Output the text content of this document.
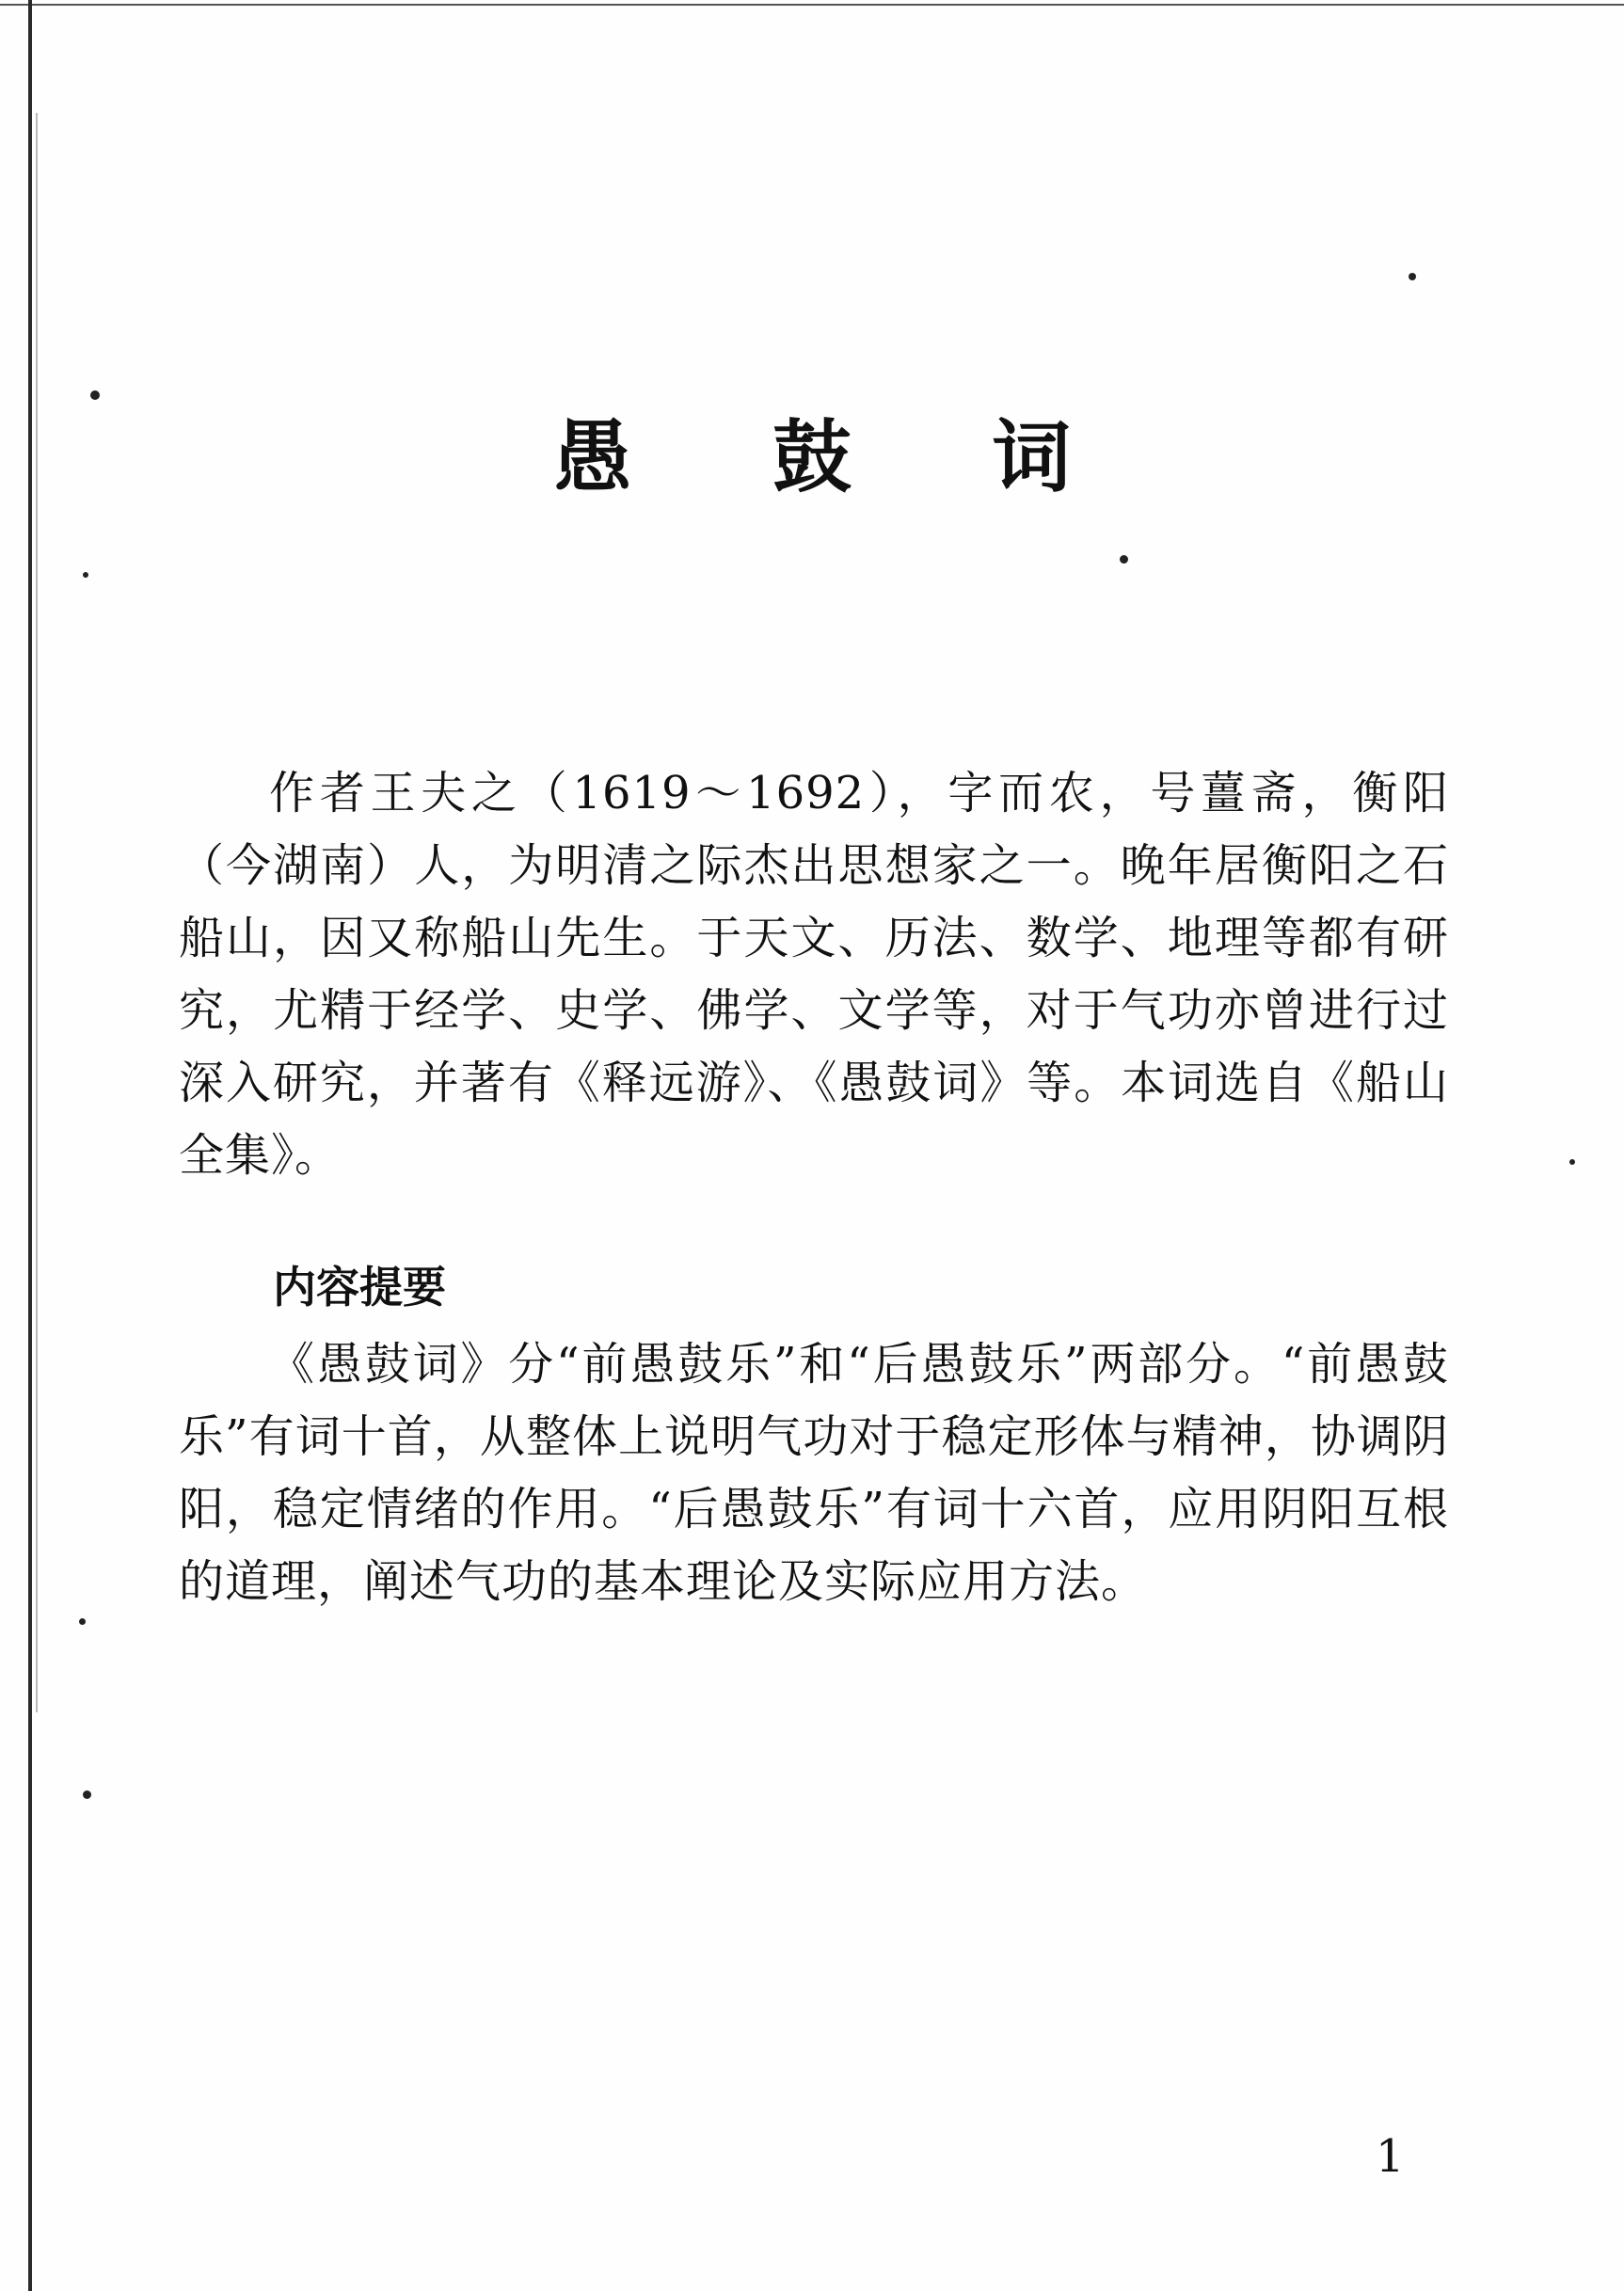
愚 鼓 词

作者王夫之（1619～1692），字而农，号薑斋，衡阳（今湖南）人，为明清之际杰出思想家之一。晚年居衡阳之石船山，因又称船山先生。于天文、历法、数学、地理等都有研究，尤精于经学、史学、佛学、文学等，对于气功亦曾进行过深入研究，并著有《释远游》、《愚鼓词》等。本词选自《船山全集》。

内容提要

《愚鼓词》分“前愚鼓乐”和“后愚鼓乐”两部分。“前愚鼓乐”有词十首，从整体上说明气功对于稳定形体与精神，协调阴阳，稳定情绪的作用。“后愚鼓乐”有词十六首，应用阴阳互根的道理，阐述气功的基本理论及实际应用方法。

1
